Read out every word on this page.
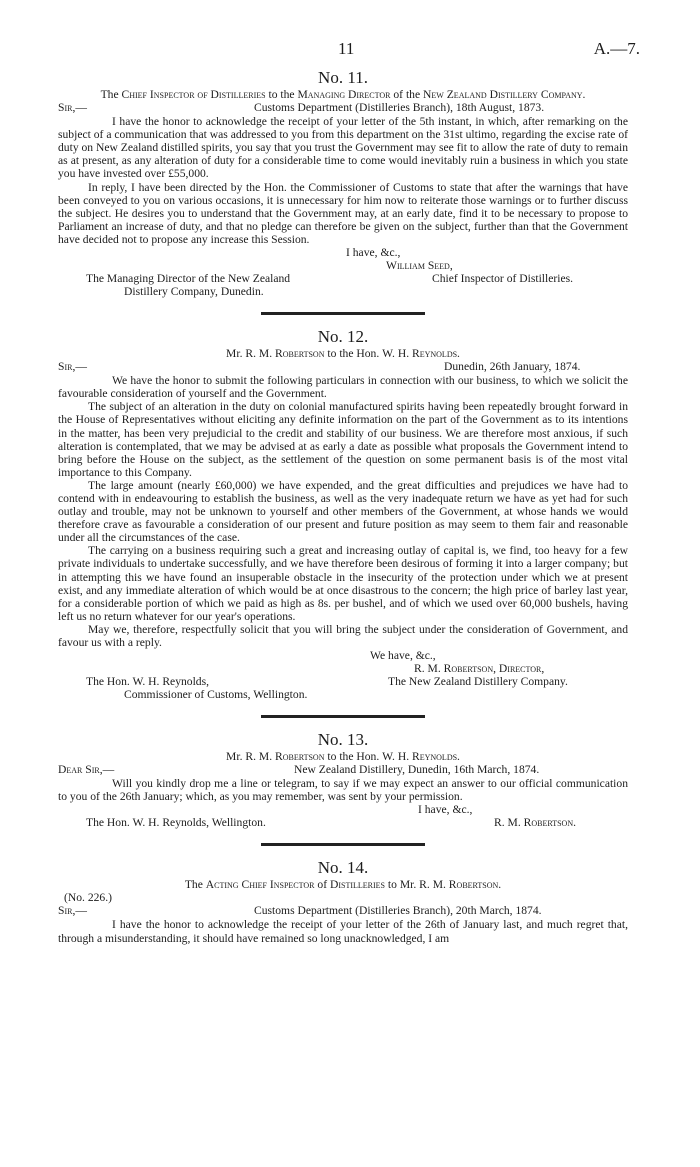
11	A.—7.
No. 11.
The Chief Inspector of Distilleries to the Managing Director of the New Zealand Distillery Company.
Sir,—	Customs Department (Distilleries Branch), 18th August, 1873.

I have the honor to acknowledge the receipt of your letter of the 5th instant, in which, after remarking on the subject of a communication that was addressed to you from this department on the 31st ultimo, regarding the excise rate of duty on New Zealand distilled spirits, you say that you trust the Government may see fit to allow the rate of duty to remain as at present, as any alteration of duty for a considerable time to come would inevitably ruin a business in which you state you have invested over £55,000.

In reply, I have been directed by the Hon. the Commissioner of Customs to state that after the warnings that have been conveyed to you on various occasions, it is unnecessary for him now to reiterate those warnings or to further discuss the subject. He desires you to understand that the Government may, at an early date, find it to be necessary to propose to Parliament an increase of duty, and that no pledge can therefore be given on the subject, further than that the Government have decided not to propose any increase this Session.

I have, &c.,
William Seed,
The Managing Director of the New Zealand	Chief Inspector of Distilleries.
Distillery Company, Dunedin.
No. 12.
Mr. R. M. Robertson to the Hon. W. H. Reynolds.
Sir,—	Dunedin, 26th January, 1874.

We have the honor to submit the following particulars in connection with our business, to which we solicit the favourable consideration of yourself and the Government.

The subject of an alteration in the duty on colonial manufactured spirits having been repeatedly brought forward in the House of Representatives without eliciting any definite information on the part of the Government as to its intentions in the matter, has been very prejudicial to the credit and stability of our business. We are therefore most anxious, if such alteration is contemplated, that we may be advised at as early a date as possible what proposals the Government intend to bring before the House on the subject, as the settlement of the question on some permanent basis is of the most vital importance to this Company.

The large amount (nearly £60,000) we have expended, and the great difficulties and prejudices we have had to contend with in endeavouring to establish the business, as well as the very inadequate return we have as yet had for such outlay and trouble, may not be unknown to yourself and other members of the Government, at whose hands we would therefore crave as favourable a consideration of our present and future position as may seem to them fair and reasonable under all the circumstances of the case.

The carrying on a business requiring such a great and increasing outlay of capital is, we find, too heavy for a few private individuals to undertake successfully, and we have therefore been desirous of forming it into a larger company; but in attempting this we have found an insuperable obstacle in the insecurity of the protection under which we at present exist, and any immediate alteration of which would be at once disastrous to the concern; the high price of barley last year, for a considerable portion of which we paid as high as 8s. per bushel, and of which we used over 60,000 bushels, having left us no return whatever for our year's operations.

May we, therefore, respectfully solicit that you will bring the subject under the consideration of Government, and favour us with a reply.

We have, &c.,
R. M. Robertson, Director,
The Hon. W. H. Reynolds,	The New Zealand Distillery Company.
Commissioner of Customs, Wellington.
No. 13.
Mr. R. M. Robertson to the Hon. W. H. Reynolds.
Dear Sir,—	New Zealand Distillery, Dunedin, 16th March, 1874.

Will you kindly drop me a line or telegram, to say if we may expect an answer to our official communication to you of the 26th January; which, as you may remember, was sent by your permission.

I have, &c.,
The Hon. W. H. Reynolds, Wellington.	R. M. Robertson.
No. 14.
The Acting Chief Inspector of Distilleries to Mr. R. M. Robertson.
(No. 226.)
Sir,—	Customs Department (Distilleries Branch), 20th March, 1874.

I have the honor to acknowledge the receipt of your letter of the 26th of January last, and much regret that, through a misunderstanding, it should have remained so long unacknowledged, I am
